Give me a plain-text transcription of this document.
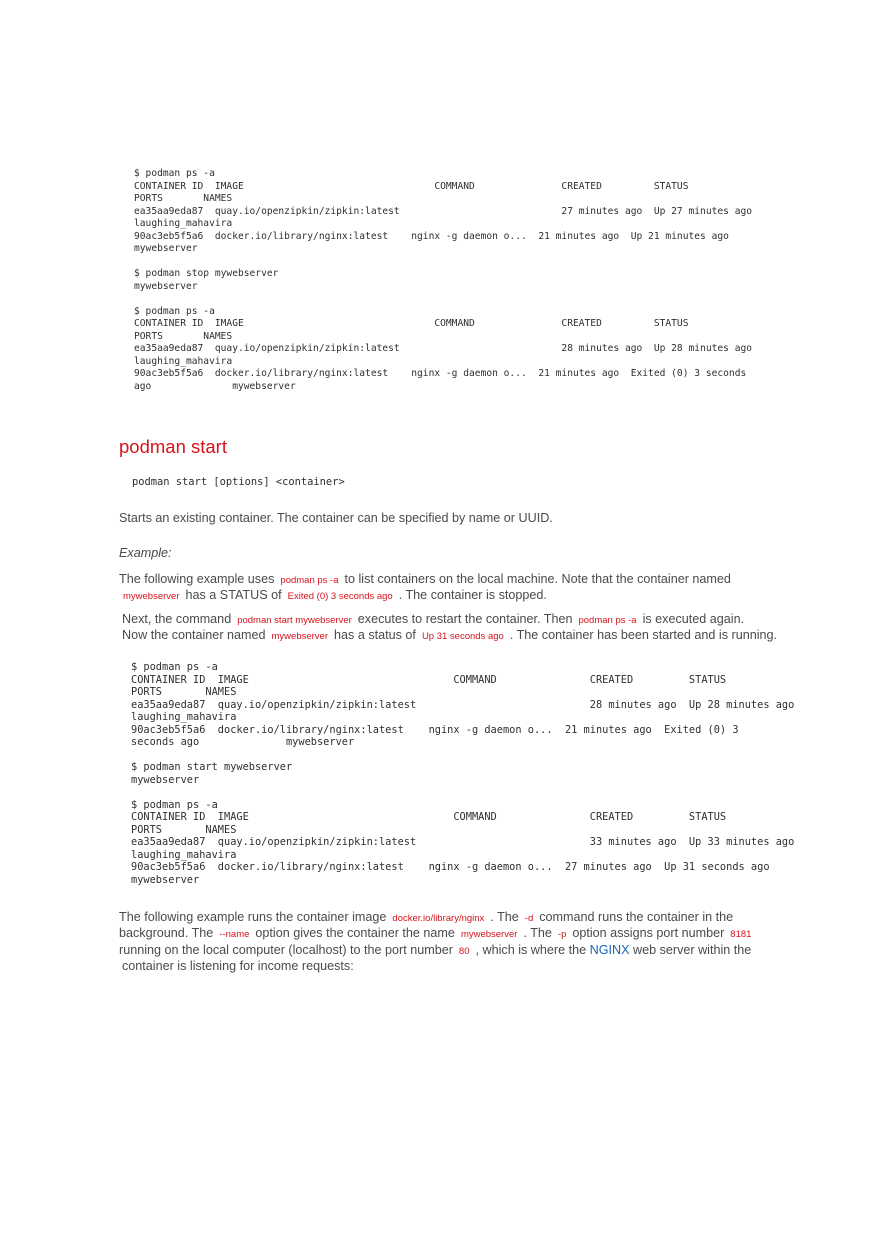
$ podman ps -a
CONTAINER ID  IMAGE                                 COMMAND               CREATED         STATUS
PORTS       NAMES
ea35aa9eda87  quay.io/openzipkin/zipkin:latest                            27 minutes ago  Up 27 minutes ago
laughing_mahavira
90ac3eb5f5a6  docker.io/library/nginx:latest    nginx -g daemon o...  21 minutes ago  Up 21 minutes ago
mywebserver

$ podman stop mywebserver
mywebserver

$ podman ps -a
CONTAINER ID  IMAGE                                 COMMAND               CREATED         STATUS
PORTS       NAMES
ea35aa9eda87  quay.io/openzipkin/zipkin:latest                            28 minutes ago  Up 28 minutes ago
laughing_mahavira
90ac3eb5f5a6  docker.io/library/nginx:latest    nginx -g daemon o...  21 minutes ago  Exited (0) 3 seconds
ago              mywebserver
podman start
podman start [options] <container>

Starts an existing container. The container can be specified by name or UUID.

Example:

The following example uses podman ps -a to list containers on the local machine. Note that the container named

mywebserver has a STATUS of Exited (0) 3 seconds ago . The container is stopped.

Next, the command podman start mywebserver executes to restart the container. Then podman ps -a is executed again.

Now the container named mywebserver has a status of Up 31 seconds ago . The container has been started and is running.

$ podman ps -a
CONTAINER ID  IMAGE                                 COMMAND               CREATED         STATUS
PORTS       NAMES
ea35aa9eda87  quay.io/openzipkin/zipkin:latest                            28 minutes ago  Up 28 minutes ago
laughing_mahavira
90ac3eb5f5a6  docker.io/library/nginx:latest    nginx -g daemon o...  21 minutes ago  Exited (0) 3
seconds ago              mywebserver

$ podman start mywebserver
mywebserver

$ podman ps -a
CONTAINER ID  IMAGE                                 COMMAND               CREATED         STATUS
PORTS       NAMES
ea35aa9eda87  quay.io/openzipkin/zipkin:latest                            33 minutes ago  Up 33 minutes ago
laughing_mahavira
90ac3eb5f5a6  docker.io/library/nginx:latest    nginx -g daemon o...  27 minutes ago  Up 31 seconds ago
mywebserver

The following example runs the container image docker.io/library/nginx . The -d command runs the container in the

background. The --name option gives the container the name mywebserver . The -p option assigns port number 8181

running on the local computer (localhost) to the port number 80 , which is where the NGINX web server within the

container is listening for income requests:
